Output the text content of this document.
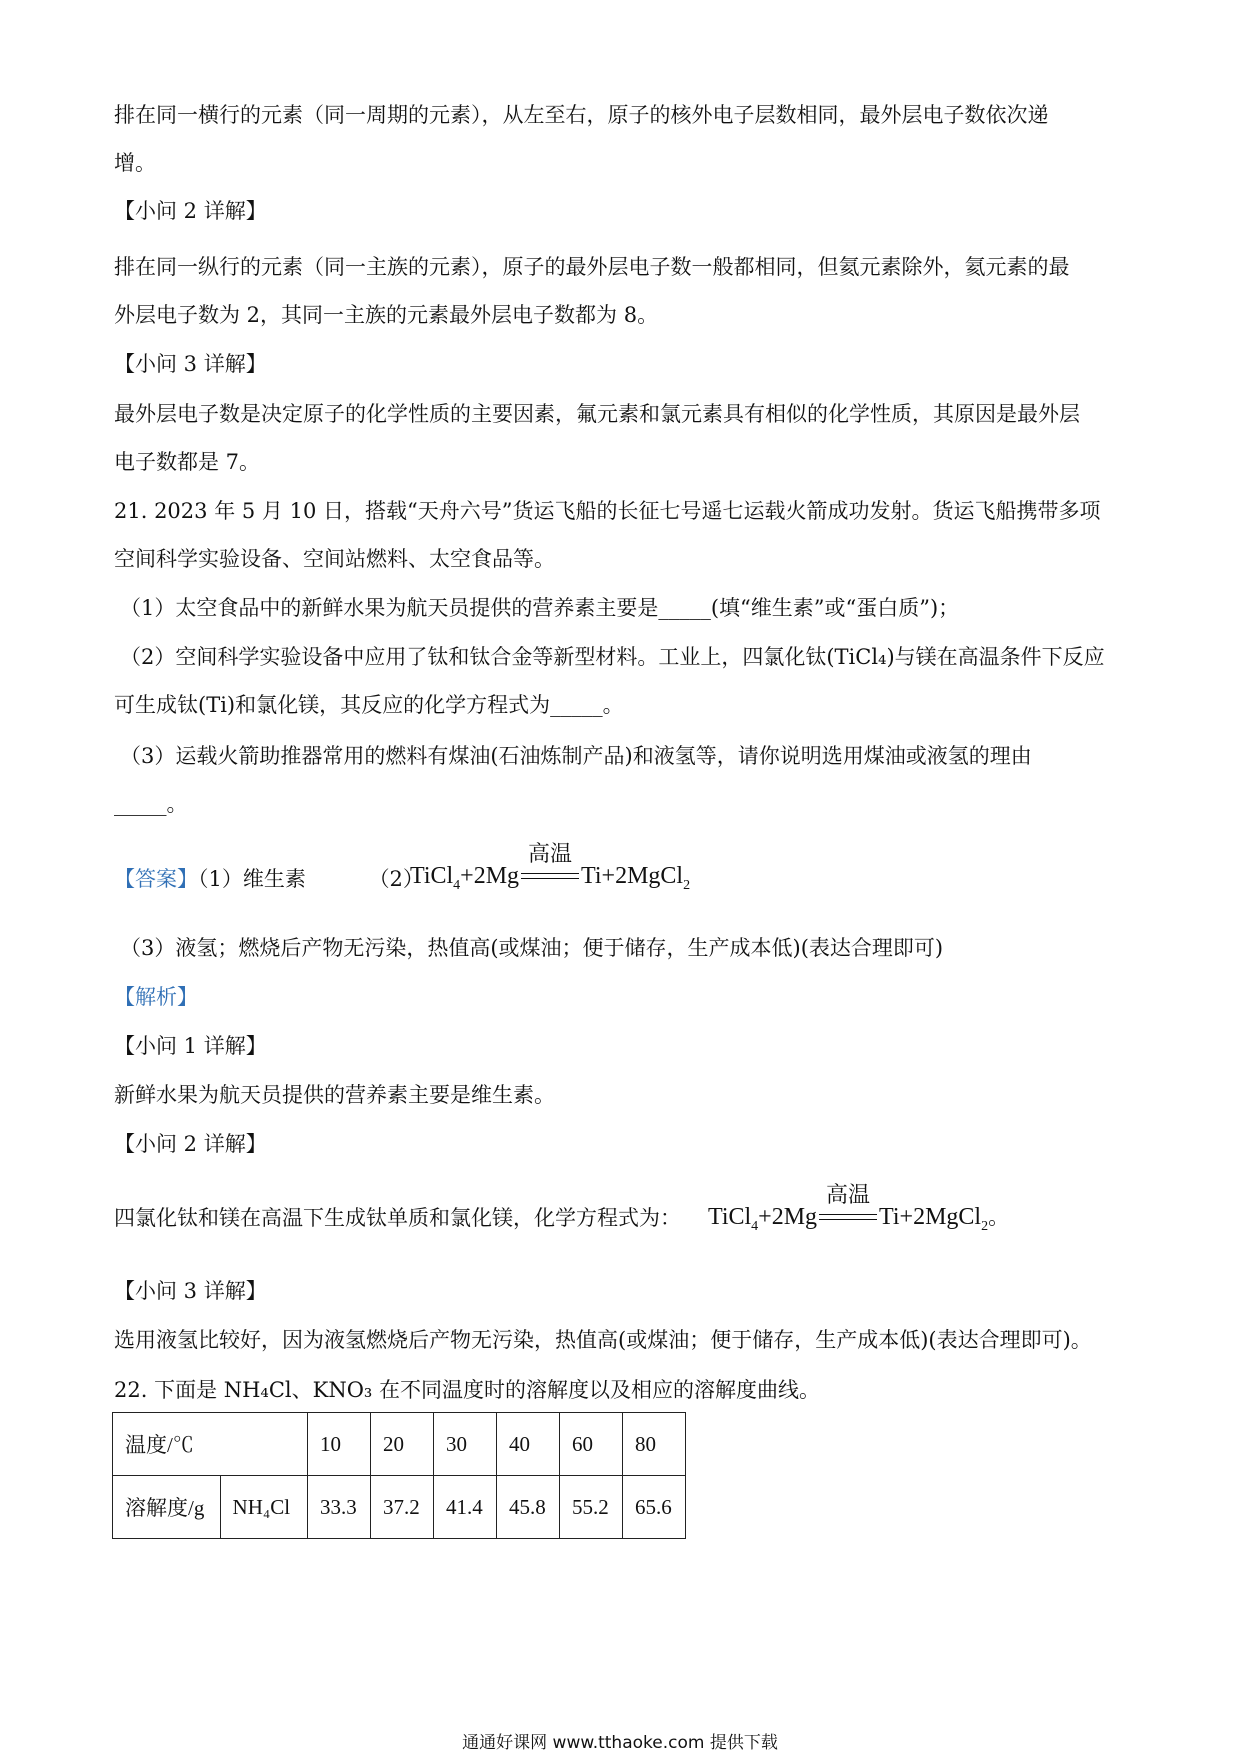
排在同一横行的元素（同一周期的元素），从左至右，原子的核外电子层数相同，最外层电子数依次递
增。
【小问 2 详解】
排在同一纵行的元素（同一主族的元素），原子的最外层电子数一般都相同，但氦元素除外，氦元素的最
外层电子数为 2，其同一主族的元素最外层电子数都为 8。
【小问 3 详解】
最外层电子数是决定原子的化学性质的主要因素，氟元素和氯元素具有相似的化学性质，其原因是最外层
电子数都是 7。
21. 2023 年 5 月 10 日，搭载“天舟六号”货运飞船的长征七号遥七运载火箭成功发射。货运飞船携带多项
空间科学实验设备、空间站燃料、太空食品等。
（1）太空食品中的新鲜水果为航天员提供的营养素主要是_____(填“维生素”或“蛋白质”)；
（2）空间科学实验设备中应用了钛和钛合金等新型材料。工业上，四氯化钛(TiCl₄)与镁在高温条件下反应
可生成钛(Ti)和氯化镁，其反应的化学方程式为_____。
（3）运载火箭助推器常用的燃料有煤油(石油炼制产品)和液氢等，请你说明选用煤油或液氢的理由
_____。
【答案】（1）维生素	（2）
TiCl$_4$+2Mg
高温
Ti+2MgCl$_2$
（3）液氢；燃烧后产物无污染，热值高(或煤油；便于储存，生产成本低)(表达合理即可)
【解析】
【小问 1 详解】
新鲜水果为航天员提供的营养素主要是维生素。
【小问 2 详解】
四氯化钛和镁在高温下生成钛单质和氯化镁，化学方程式为： TiCl$_4$+2Mg
高温
Ti+2MgCl$_2$。
【小问 3 详解】
选用液氢比较好，因为液氢燃烧后产物无污染，热值高(或煤油；便于储存，生产成本低)(表达合理即可)。
22. 下面是 NH₄Cl、KNO₃ 在不同温度时的溶解度以及相应的溶解度曲线。
温度/℃		10	20	30	40	60	80
溶解度/g	NH₄Cl	33.3	37.2	41.4	45.8	55.2	65.6
通通好课网 www.tthaoke.com 提供下载
